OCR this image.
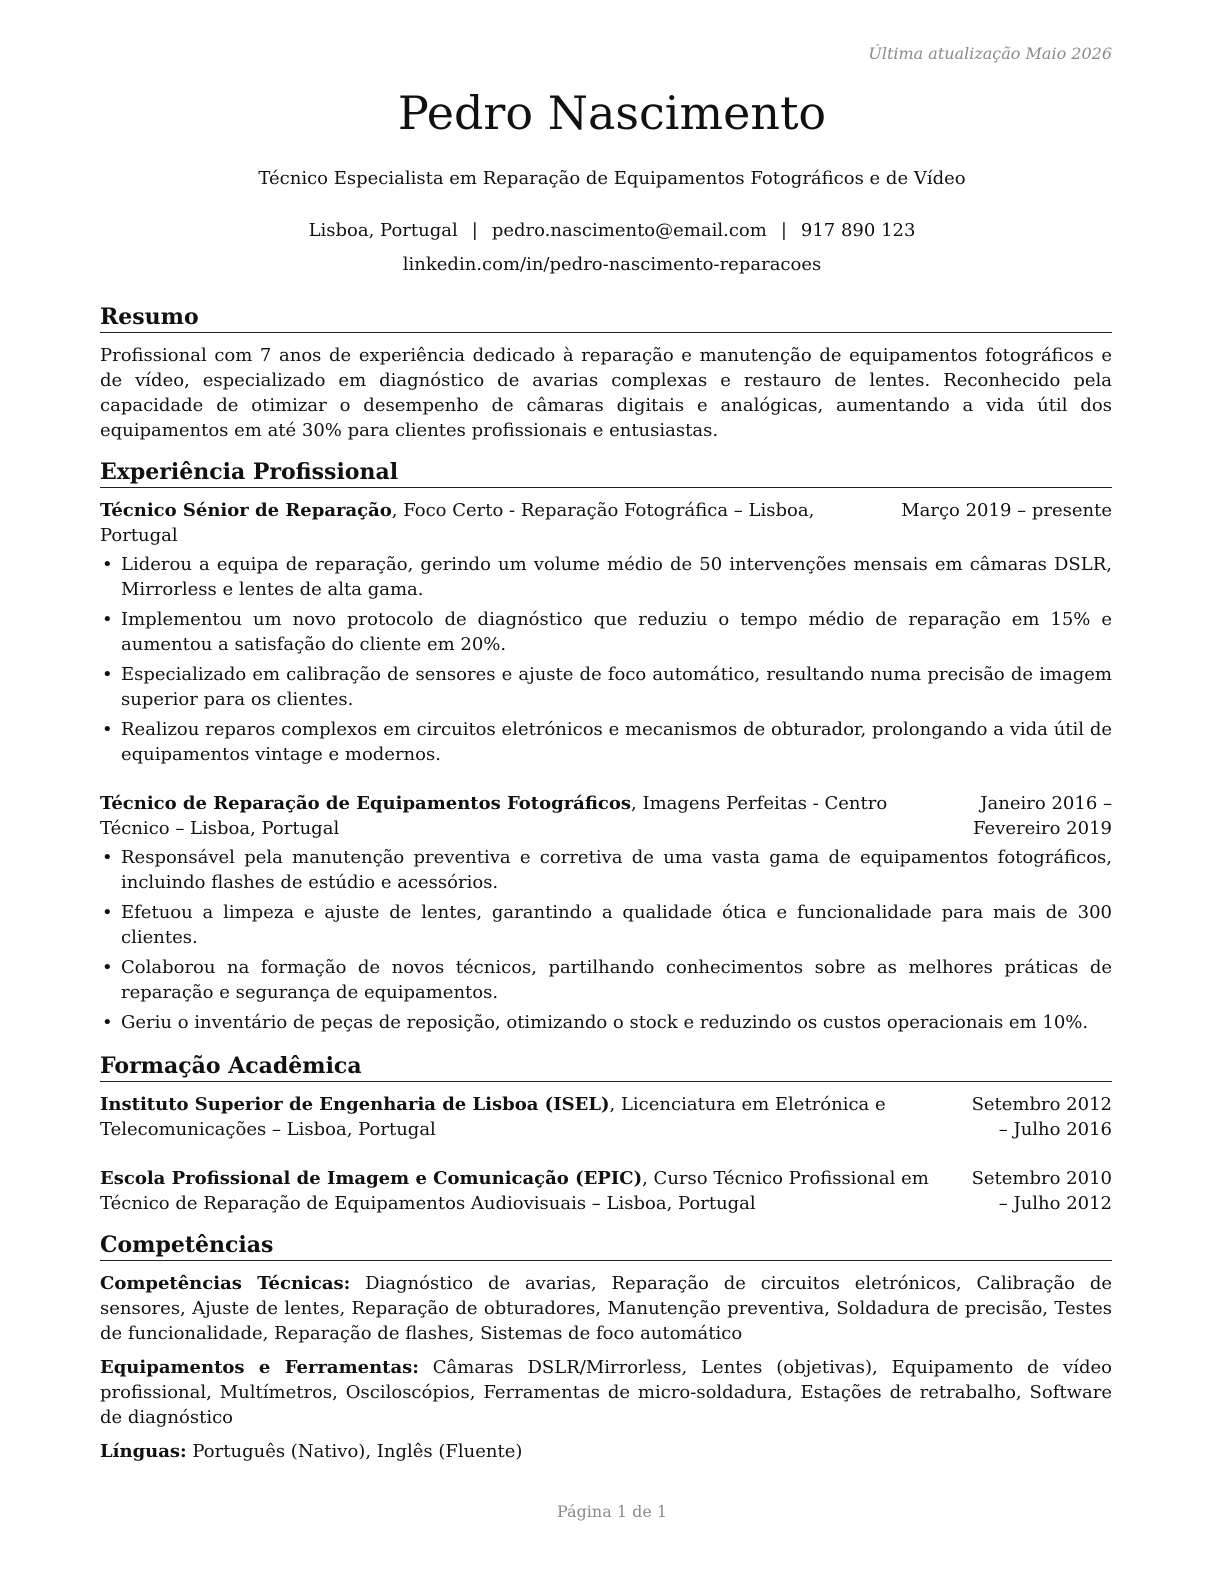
Última atualização Maio 2026
Pedro Nascimento
Técnico Especialista em Reparação de Equipamentos Fotográficos e de Vídeo
Lisboa, Portugal | pedro.nascimento@email.com | 917 890 123
linkedin.com/in/pedro-nascimento-reparacoes
Resumo

Profissional com 7 anos de experiência dedicado à reparação e manutenção de equipamentos fotográficos e de vídeo, especializado em diagnóstico de avarias complexas e restauro de lentes. Reconhecido pela capacidade de otimizar o desempenho de câmaras digitais e analógicas, aumentando a vida útil dos equipamentos em até 30% para clientes profissionais e entusiastas.

Experiência Profissional
Técnico Sénior de Reparação, Foco Certo - Reparação Fotográfica – Lisboa, Portugal
Março 2019 – presente
• Liderou a equipa de reparação, gerindo um volume médio de 50 intervenções mensais em câmaras DSLR, Mirrorless e lentes de alta gama.
• Implementou um novo protocolo de diagnóstico que reduziu o tempo médio de reparação em 15% e aumentou a satisfação do cliente em 20%.
• Especializado em calibração de sensores e ajuste de foco automático, resultando numa precisão de imagem superior para os clientes.
• Realizou reparos complexos em circuitos eletrónicos e mecanismos de obturador, prolongando a vida útil de equipamentos vintage e modernos.
Técnico de Reparação de Equipamentos Fotográficos, Imagens Perfeitas - Centro Técnico – Lisboa, Portugal
Janeiro 2016 – Fevereiro 2019
• Responsável pela manutenção preventiva e corretiva de uma vasta gama de equipamentos fotográficos, incluindo flashes de estúdio e acessórios.
• Efetuou a limpeza e ajuste de lentes, garantindo a qualidade ótica e funcionalidade para mais de 300 clientes.
• Colaborou na formação de novos técnicos, partilhando conhecimentos sobre as melhores práticas de reparação e segurança de equipamentos.
• Geriu o inventário de peças de reposição, otimizando o stock e reduzindo os custos operacionais em 10%.
Formação Acadêmica
Instituto Superior de Engenharia de Lisboa (ISEL), Licenciatura em Eletrónica e Telecomunicações – Lisboa, Portugal
Setembro 2012 – Julho 2016
Escola Profissional de Imagem e Comunicação (EPIC), Curso Técnico Profissional em Técnico de Reparação de Equipamentos Audiovisuais – Lisboa, Portugal
Setembro 2010 – Julho 2012
Competências

Competências Técnicas: Diagnóstico de avarias, Reparação de circuitos eletrónicos, Calibração de sensores, Ajuste de lentes, Reparação de obturadores, Manutenção preventiva, Soldadura de precisão, Testes de funcionalidade, Reparação de flashes, Sistemas de foco automático

Equipamentos e Ferramentas: Câmaras DSLR/Mirrorless, Lentes (objetivas), Equipamento de vídeo profissional, Multímetros, Osciloscópios, Ferramentas de micro-soldadura, Estações de retrabalho, Software de diagnóstico

Línguas: Português (Nativo), Inglês (Fluente)

Página 1 de 1
